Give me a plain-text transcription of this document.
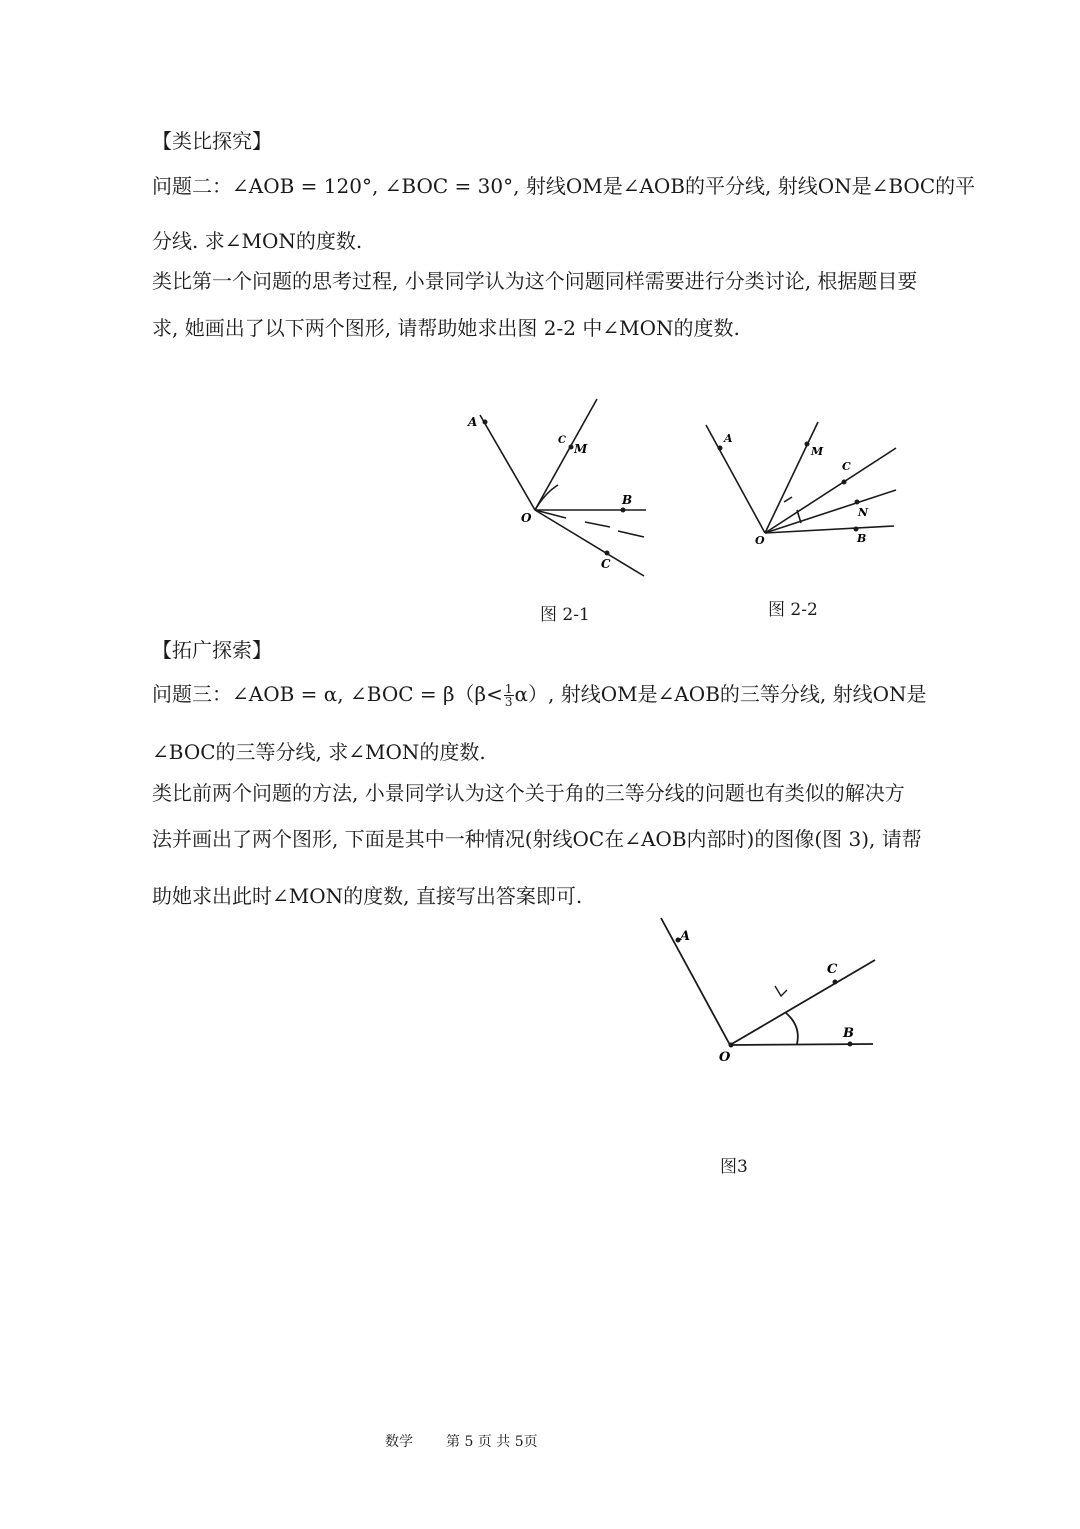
【类比探究】
问题二：∠AOB = 120°, ∠BOC = 30°, 射线OM是∠AOB的平分线, 射线ON是∠BOC的平
分线. 求∠MON的度数.
类比第一个问题的思考过程, 小景同学认为这个问题同样需要进行分类讨论, 根据题目要
求, 她画出了以下两个图形, 请帮助她求出图 2-2 中∠MON的度数.
A
M
C
B
O
C
图 2-1
A
M
C
N
B
O
图 2-2
【拓广探索】
问题三：∠AOB = α, ∠BOC = $\beta(\beta< \frac{1}{3} \alpha)$, 射线OM是∠AOB的三等分线, 射线ON是
∠BOC的三等分线, 求∠MON的度数.
类比前两个问题的方法, 小景同学认为这个关于角的三等分线的问题也有类似的解决方
法并画出了两个图形, 下面是其中一种情况(射线OC在∠AOB内部时)的图像(图 3), 请帮
助她求出此时∠MON的度数, 直接写出答案即可.
A
C
B
O
图3
数学 第 5 页 共 5页
